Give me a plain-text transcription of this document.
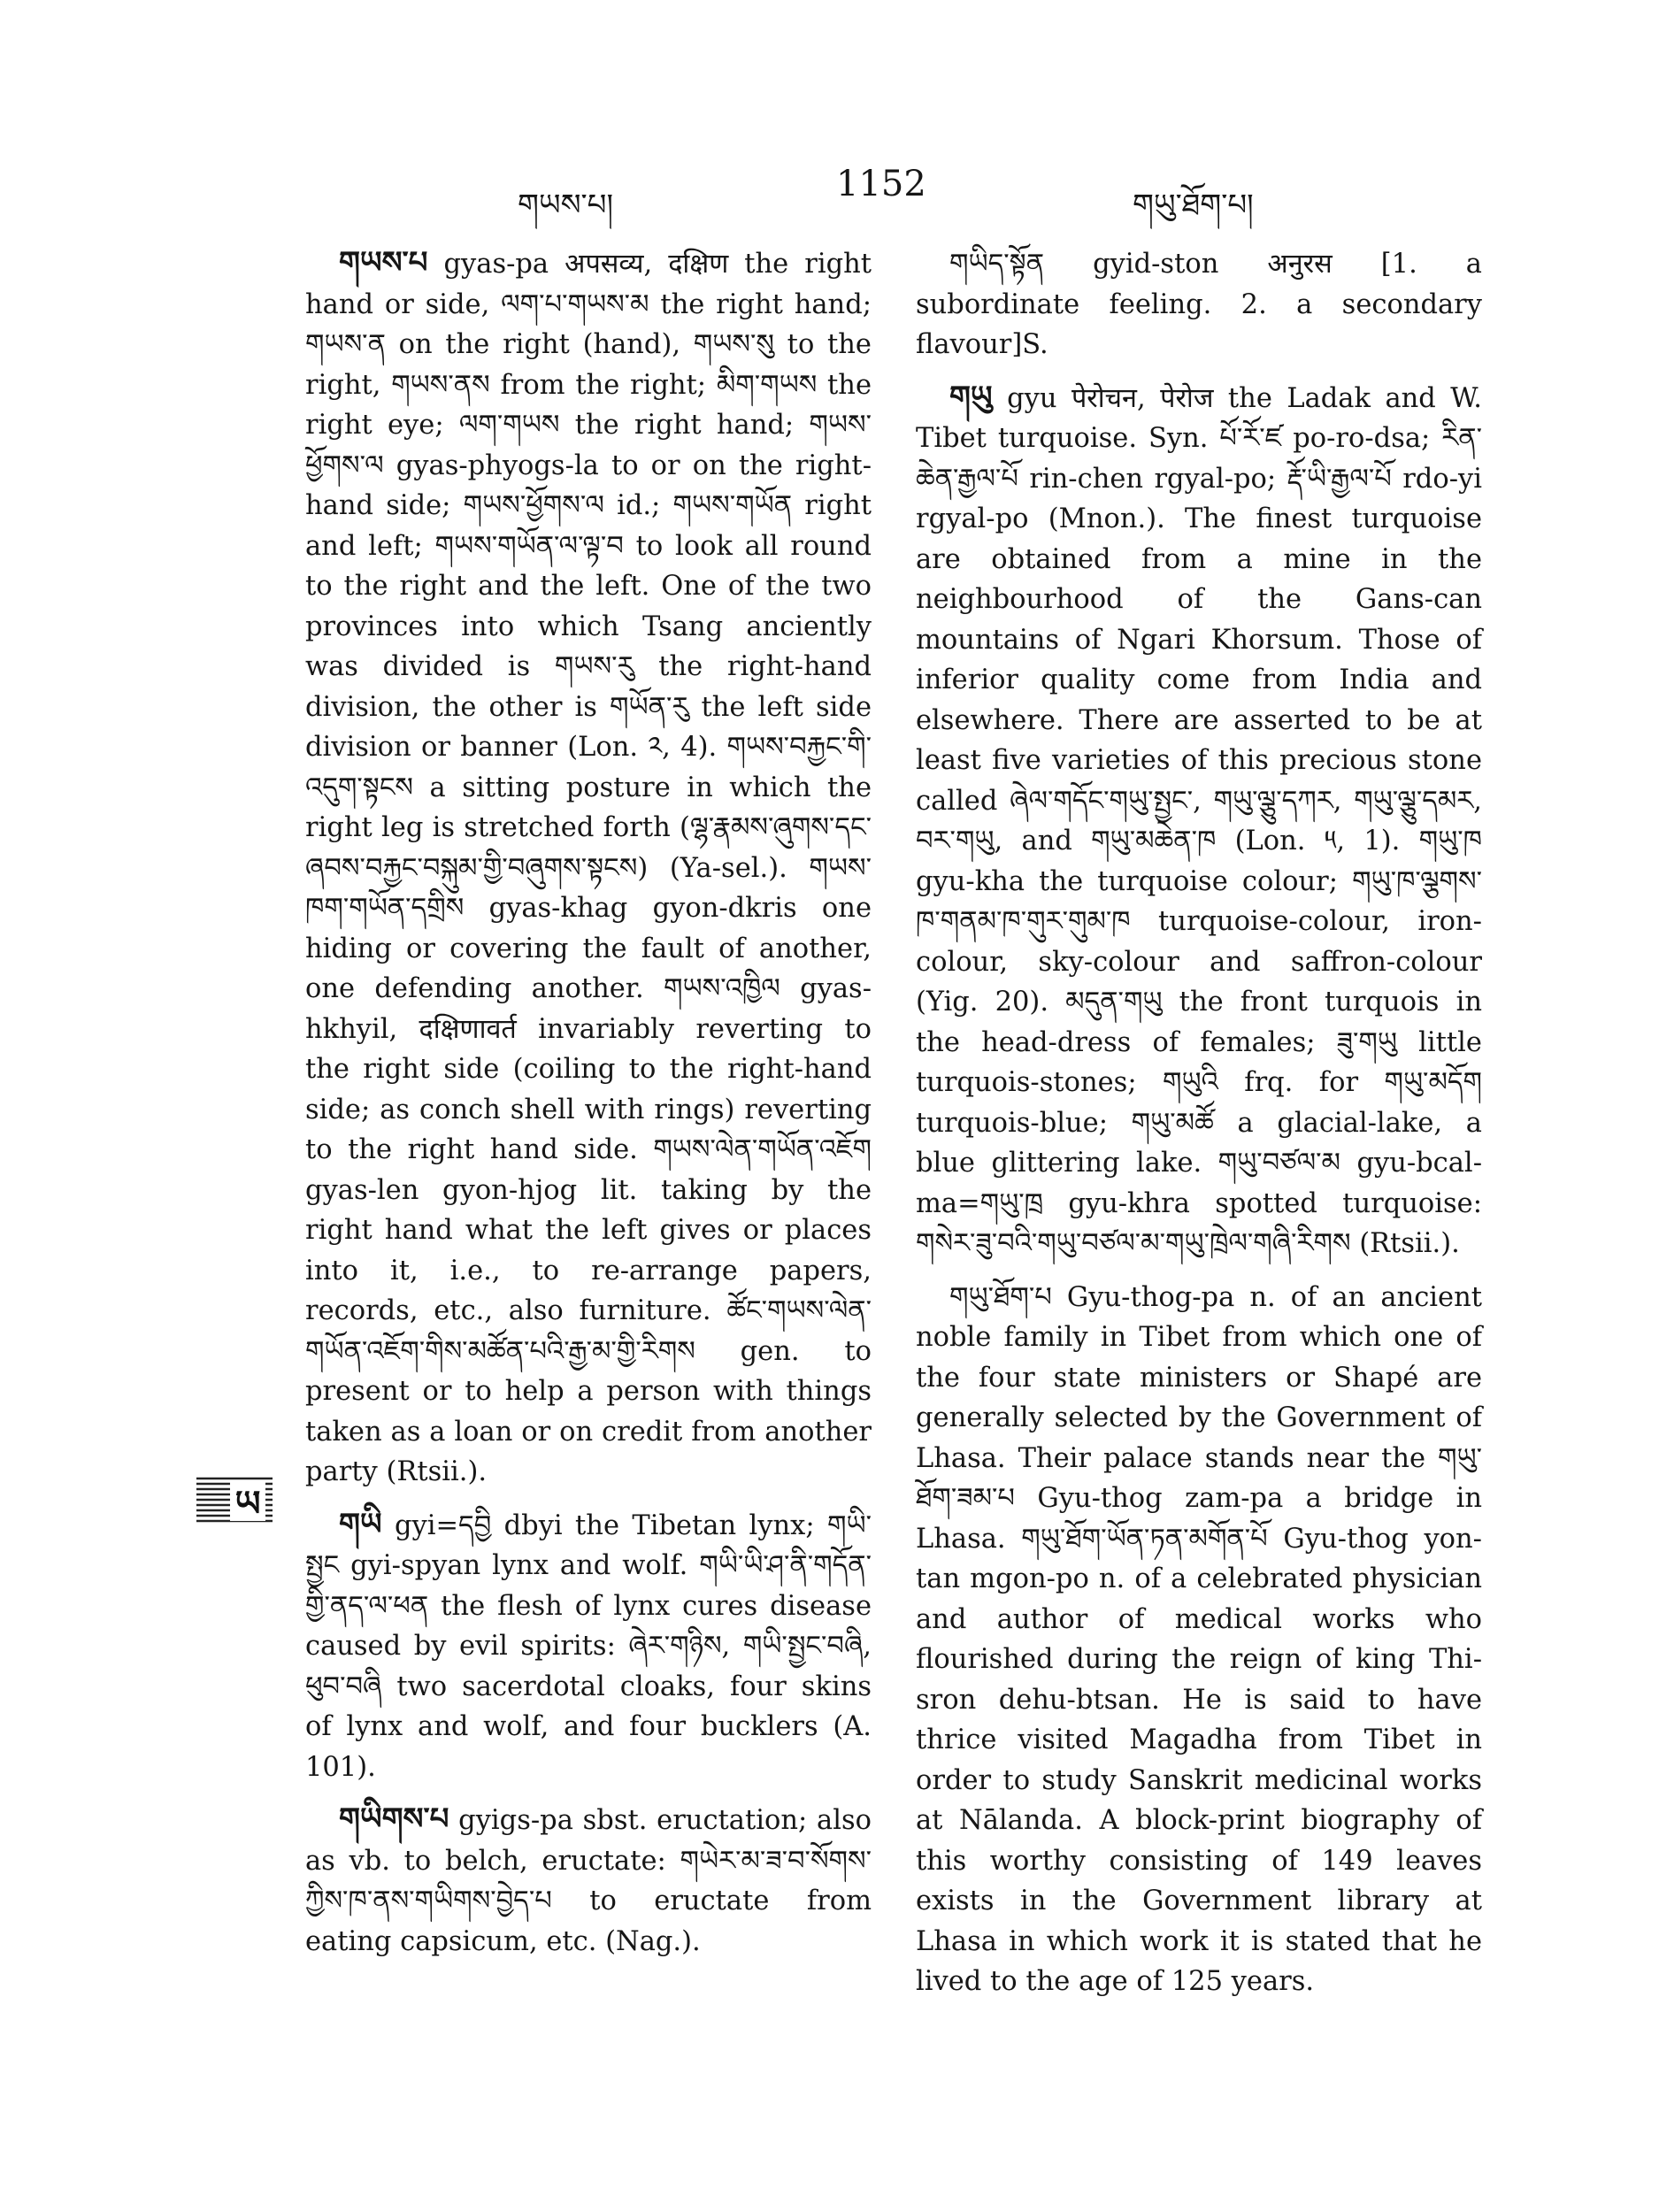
གཡས་པ།
1152
གཡུ་ཐོག་པ།
ཡ

གཡས་པ gyas-pa अपसव्य, दक्षिण the right hand or side, ལག་པ་གཡས་མ the right hand; གཡས་ན on the right (hand), གཡས་སུ to the right, གཡས་ནས from the right; མིག་གཡས the right eye; ལག་གཡས the right hand; གཡས་ཕྱོགས་ལ gyas-phyogs-la to or on the right-hand side; གཡས་ཕྱོགས་ལ id.; གཡས་གཡོན right and left; གཡས་གཡོན་ལ་ལྟ་བ to look all round to the right and the left. One of the two provinces into which Tsang anciently was divided is གཡས་རུ the right-hand division, the other is གཡོན་རུ the left side division or banner (Lon. ༢, 4). གཡས་བརྐྱང་གི་འདུག་སྟངས a sitting posture in which the right leg is stretched forth (ལྷ་རྣམས་ཞུགས་དང་ཞབས་བརྐྱང་བསྐུམ་གྱི་བཞུགས་སྟངས) (Ya-sel.). གཡས་ཁག་གཡོན་དགྲིས gyas-khag gyon-dkris one hiding or covering the fault of another, one defending another. གཡས་འཁྱིལ gyas-hkhyil, दक्षिणावर्त invariably reverting to the right side (coiling to the right-hand side; as conch shell with rings) reverting to the right hand side. གཡས་ལེན་གཡོན་འཇོག gyas-len gyon-hjog lit. taking by the right hand what the left gives or places into it, i.e., to re-arrange papers, records, etc., also furniture. ཚོང་གཡས་ལེན་གཡོན་འཇོག་གིས་མཚོན་པའི་རྒྱ་མ་གྱི་རིགས gen. to present or to help a person with things taken as a loan or on credit from another party (Rtsii.).

གཡི gyi=དབྱི dbyi the Tibetan lynx; གཡི་སྤྱང gyi-spyan lynx and wolf. གཡི་ཡི་ཤ་ནི་གདོན་གྱི་ནད་ལ་ཕན the flesh of lynx cures disease caused by evil spirits: ཞེར་གཉིས, གཡི་སྤྱང་བཞི, ཕུབ་བཞི two sacerdotal cloaks, four skins of lynx and wolf, and four bucklers (A. 101).

གཡིགས་པ gyigs-pa sbst. eructation; also as vb. to belch, eructate: གཡེར་མ་ཟ་བ་སོགས་ཀྱིས་ཁ་ནས་གཡིགས་བྱེད་པ to eructate from eating capsicum, etc. (Nag.).

གཡིད་སྟོན gyid-ston अनुरस [1. a subordinate feeling. 2. a secondary flavour]S.

གཡུ gyu पेरोचन, पेरोज the Ladak and W. Tibet turquoise. Syn. པོ་རོ་ཛ po-ro-dsa; རིན་ཆེན་རྒྱལ་པོ rin-chen rgyal-po; རྡོ་ཡི་རྒྱལ་པོ rdo-yi rgyal-po (Mnon.). The finest turquoise are obtained from a mine in the neighbourhood of the Gans-can mountains of Ngari Khorsum. Those of inferior quality come from India and elsewhere. There are asserted to be at least five varieties of this precious stone called ཞེལ་གདོང་གཡུ་སྤྱང་, གཡུ་ལྕུ་དཀར, གཡུ་ལྕུ་དམར, བར་གཡུ, and གཡུ་མཆེན་ཁ (Lon. ༥, 1). གཡུ་ཁ gyu-kha the turquoise colour; གཡུ་ཁ་ལྕགས་ཁ་གནམ་ཁ་གུར་གུམ་ཁ turquoise-colour, iron-colour, sky-colour and saffron-colour (Yig. 20). མདུན་གཡུ the front turquois in the head-dress of females; ཟུ་གཡུ little turquois-stones; གཡུའི frq. for གཡུ་མདོག turquois-blue; གཡུ་མཚོ a glacial-lake, a blue glittering lake. གཡུ་བཙལ་མ gyu-bcal-ma=གཡུ་ཁྲ gyu-khra spotted turquoise: གསེར་ཟུ་བའི་གཡུ་བཙལ་མ་གཡུ་ཁྲེལ་གཞི་རིགས (Rtsii.).

གཡུ་ཐོག་པ Gyu-thog-pa n. of an ancient noble family in Tibet from which one of the four state ministers or Shapé are generally selected by the Government of Lhasa. Their palace stands near the གཡུ་ཐོག་ཟམ་པ Gyu-thog zam-pa a bridge in Lhasa. གཡུ་ཐོག་ཡོན་ཏན་མགོན་པོ Gyu-thog yon-tan mgon-po n. of a celebrated physician and author of medical works who flourished during the reign of king Thi-sron dehu-btsan. He is said to have thrice visited Magadha from Tibet in order to study Sanskrit medicinal works at Nālanda. A block-print biography of this worthy consisting of 149 leaves exists in the Government library at Lhasa in which work it is stated that he lived to the age of 125 years.
